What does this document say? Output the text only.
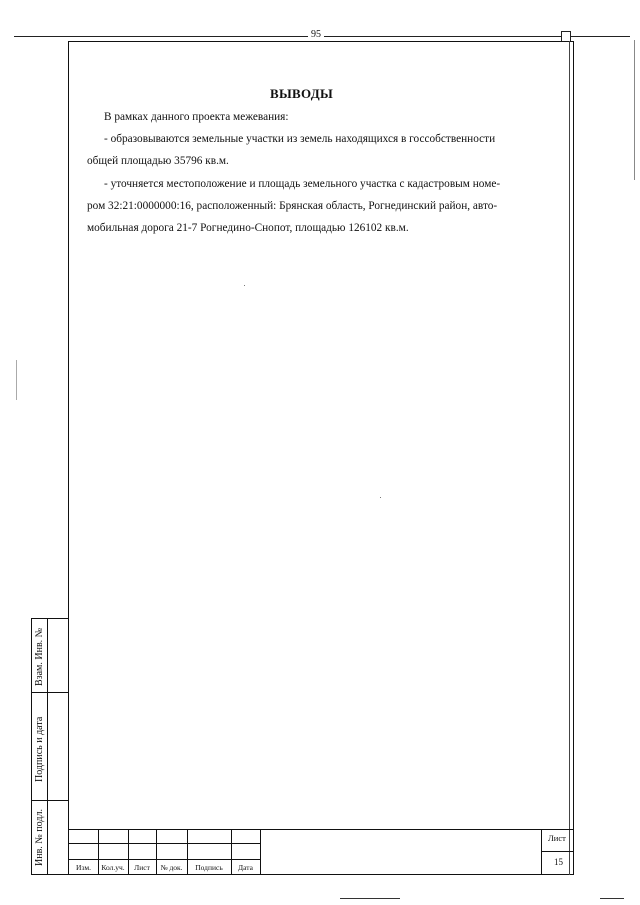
95
ВЫВОДЫ
В рамках данного проекта межевания:
- образовываются земельные участки из земель находящихся в госсобственности
общей площадью 35796 кв.м.
- уточняется местоположение и площадь земельного участка с кадастровым номе-
ром 32:21:0000000:16, расположенный: Брянская область, Рогнединский район, авто-
мобильная дорога 21-7 Рогнедино-Снопот, площадью 126102 кв.м.
Взам. Инв. №
Подпись и дата
Инв. № подл.
Изм.	Кол.уч.	Лист	№ док.	Подпись	Дата
Лист
15
